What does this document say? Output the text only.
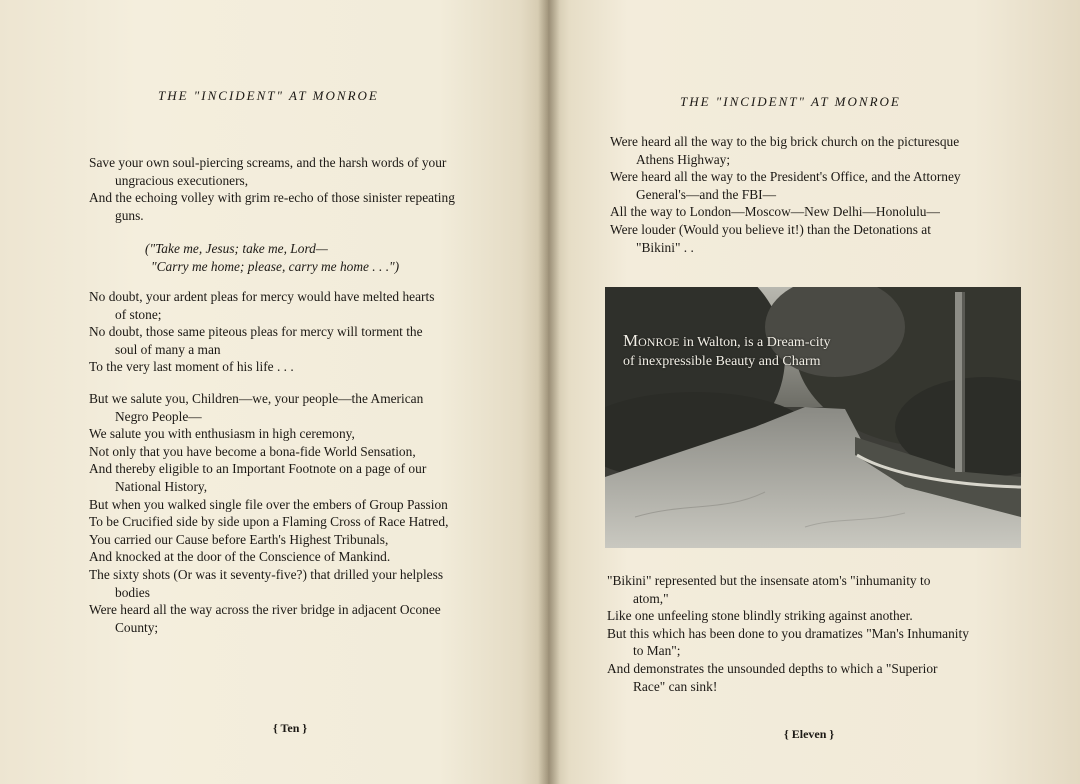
THE "INCIDENT" AT MONROE

Save your own soul-piercing screams, and the harsh words of your

ungracious executioners,

And the echoing volley with grim re-echo of those sinister repeating

guns.

("Take me, Jesus; take me, Lord—

"Carry me home; please, carry me home . . .")

No doubt, your ardent pleas for mercy would have melted hearts

of stone;

No doubt, those same piteous pleas for mercy will torment the

soul of many a man

To the very last moment of his life . . .

But we salute you, Children—we, your people—the American

Negro People—

We salute you with enthusiasm in high ceremony,

Not only that you have become a bona-fide World Sensation,

And thereby eligible to an Important Footnote on a page of our

National History,

But when you walked single file over the embers of Group Passion

To be Crucified side by side upon a Flaming Cross of Race Hatred,

You carried our Cause before Earth's Highest Tribunals,

And knocked at the door of the Conscience of Mankind.

The sixty shots (Or was it seventy-five?) that drilled your helpless

bodies

Were heard all the way across the river bridge in adjacent Oconee

County;

{ Ten }
THE "INCIDENT" AT MONROE

Were heard all the way to the big brick church on the picturesque

Athens Highway;

Were heard all the way to the President's Office, and the Attorney

General's—and the FBI—

All the way to London—Moscow—New Delhi—Honolulu—

Were louder (Would you believe it!) than the Detonations at

"Bikini" . .

Monroe in Walton, is a Dream-city
of inexpressible Beauty and Charm

"Bikini" represented but the insensate atom's "inhumanity to

atom,"

Like one unfeeling stone blindly striking against another.

But this which has been done to you dramatizes "Man's Inhumanity

to Man";

And demonstrates the unsounded depths to which a "Superior

Race" can sink!

{ Eleven }
